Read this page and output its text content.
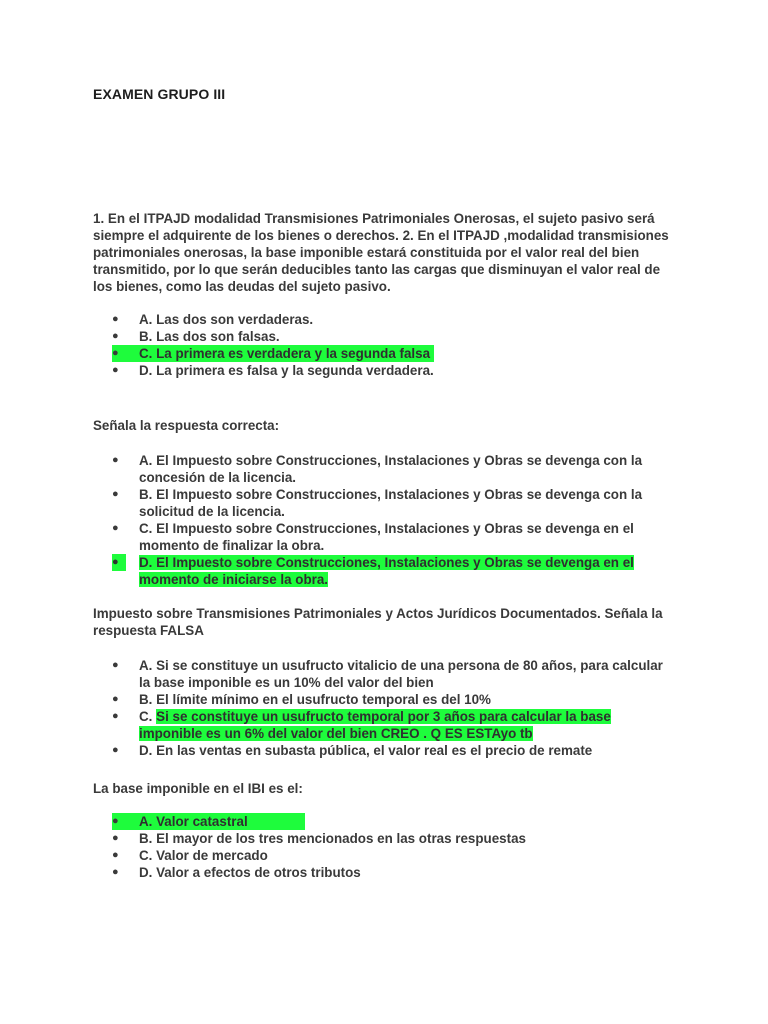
EXAMEN GRUPO III
1. En el ITPAJD modalidad Transmisiones Patrimoniales Onerosas, el sujeto pasivo será siempre el adquirente de los bienes o derechos. 2. En el ITPAJD ,modalidad transmisiones patrimoniales onerosas, la base imponible estará constituida por el valor real del bien transmitido, por lo que serán deducibles tanto las cargas que disminuyan el valor real de los bienes, como las deudas del sujeto pasivo.
●	A. Las dos son verdaderas.
●	B. Las dos son falsas.
●	C. La primera es verdadera y la segunda falsa
●	D. La primera es falsa y la segunda verdadera.
Señala la respuesta correcta:
●	A. El Impuesto sobre Construcciones, Instalaciones y Obras se devenga con la concesión de la licencia.
●	B. El Impuesto sobre Construcciones, Instalaciones y Obras se devenga con la solicitud de la licencia.
●	C. El Impuesto sobre Construcciones, Instalaciones y Obras se devenga en el momento de finalizar la obra.
●	D. El Impuesto sobre Construcciones, Instalaciones y Obras se devenga en el momento de iniciarse la obra.
Impuesto sobre Transmisiones Patrimoniales y Actos Jurídicos Documentados. Señala la respuesta FALSA
●	A. Si se constituye un usufructo vitalicio de una persona de 80 años, para calcular la base imponible es un 10% del valor del bien
●	B. El límite mínimo en el usufructo temporal es del 10%
●	C. Si se constituye un usufructo temporal por 3 años para calcular la base imponible es un 6% del valor del bien CREO . Q ES ESTAyo tb
●	D. En las ventas en subasta pública, el valor real es el precio de remate
La base imponible en el IBI es el:
●	A. Valor catastral
●	B. El mayor de los tres mencionados en las otras respuestas
●	C. Valor de mercado
●	D. Valor a efectos de otros tributos
